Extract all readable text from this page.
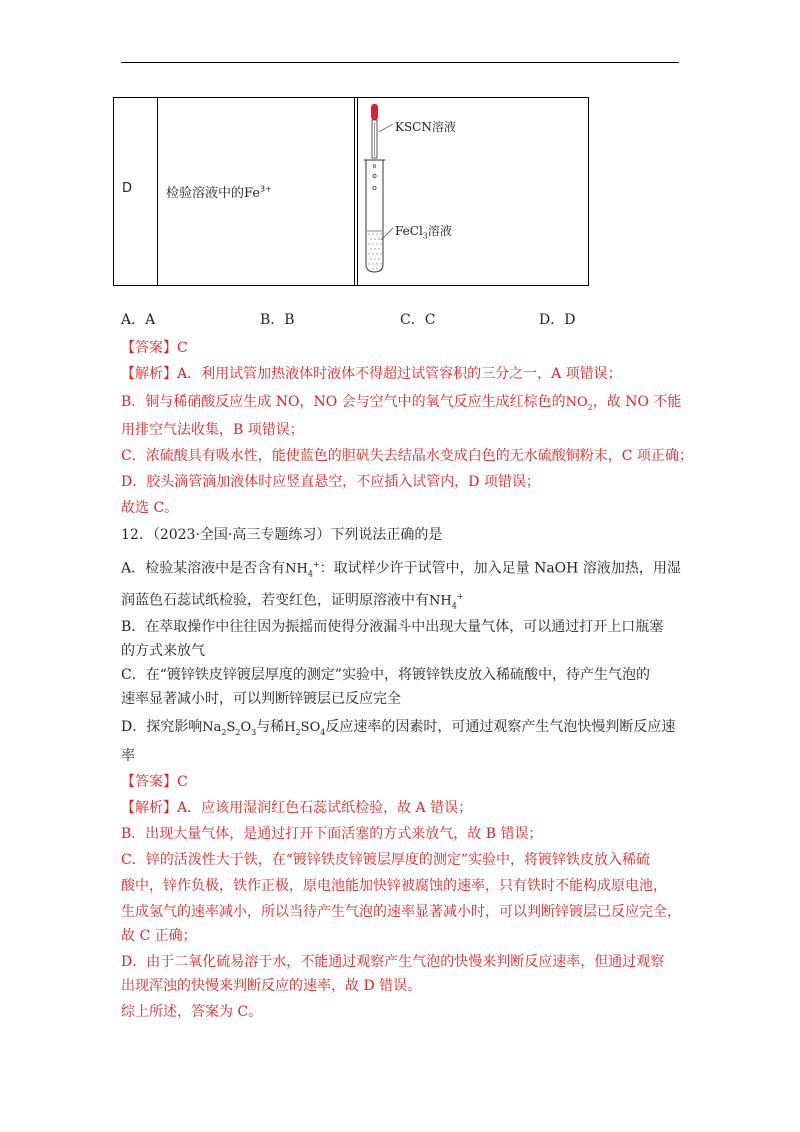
D	检验溶液中的$Fe^{3+}$
KSCN溶液
FeCl$_3$溶液
A．A	B．B	C．C	D．D
【答案】C
【解析】A．利用试管加热液体时液体不得超过试管容积的三分之一，A 项错误；
B．铜与稀硝酸反应生成 NO，NO 会与空气中的氧气反应生成红棕色的$NO_2$，故 NO 不能
用排空气法收集，B 项错误；
C．浓硫酸具有吸水性，能使蓝色的胆矾失去结晶水变成白色的无水硫酸铜粉末，C 项正确；
D．胶头滴管滴加液体时应竖直悬空，不应插入试管内，D 项错误；
故选 C。
12．（2023·全国·高三专题练习）下列说法正确的是
A．检验某溶液中是否含有$NH_4^+$：取试样少许于试管中，加入足量 NaOH 溶液加热，用湿
润蓝色石蕊试纸检验，若变红色，证明原溶液中有$NH_4^+$
B．在萃取操作中往往因为振摇而使得分液漏斗中出现大量气体，可以通过打开上口瓶塞
的方式来放气
C．在“镀锌铁皮锌镀层厚度的测定”实验中，将镀锌铁皮放入稀硫酸中，待产生气泡的
速率显著减小时，可以判断锌镀层已反应完全
D．探究影响$Na_2S_2O_3$与稀$H_2SO_4$反应速率的因素时，可通过观察产生气泡快慢判断反应速
率
【答案】C
【解析】A．应该用湿润红色石蕊试纸检验，故 A 错误；
B．出现大量气体，是通过打开下面活塞的方式来放气，故 B 错误；
C．锌的活泼性大于铁，在“镀锌铁皮锌镀层厚度的测定”实验中，将镀锌铁皮放入稀硫
酸中，锌作负极，铁作正极，原电池能加快锌被腐蚀的速率，只有铁时不能构成原电池，
生成氢气的速率减小，所以当待产生气泡的速率显著减小时，可以判断锌镀层已反应完全，
故 C 正确；
D．由于二氧化硫易溶于水，不能通过观察产生气泡的快慢来判断反应速率，但通过观察
出现浑浊的快慢来判断反应的速率，故 D 错误。
综上所述，答案为 C。
